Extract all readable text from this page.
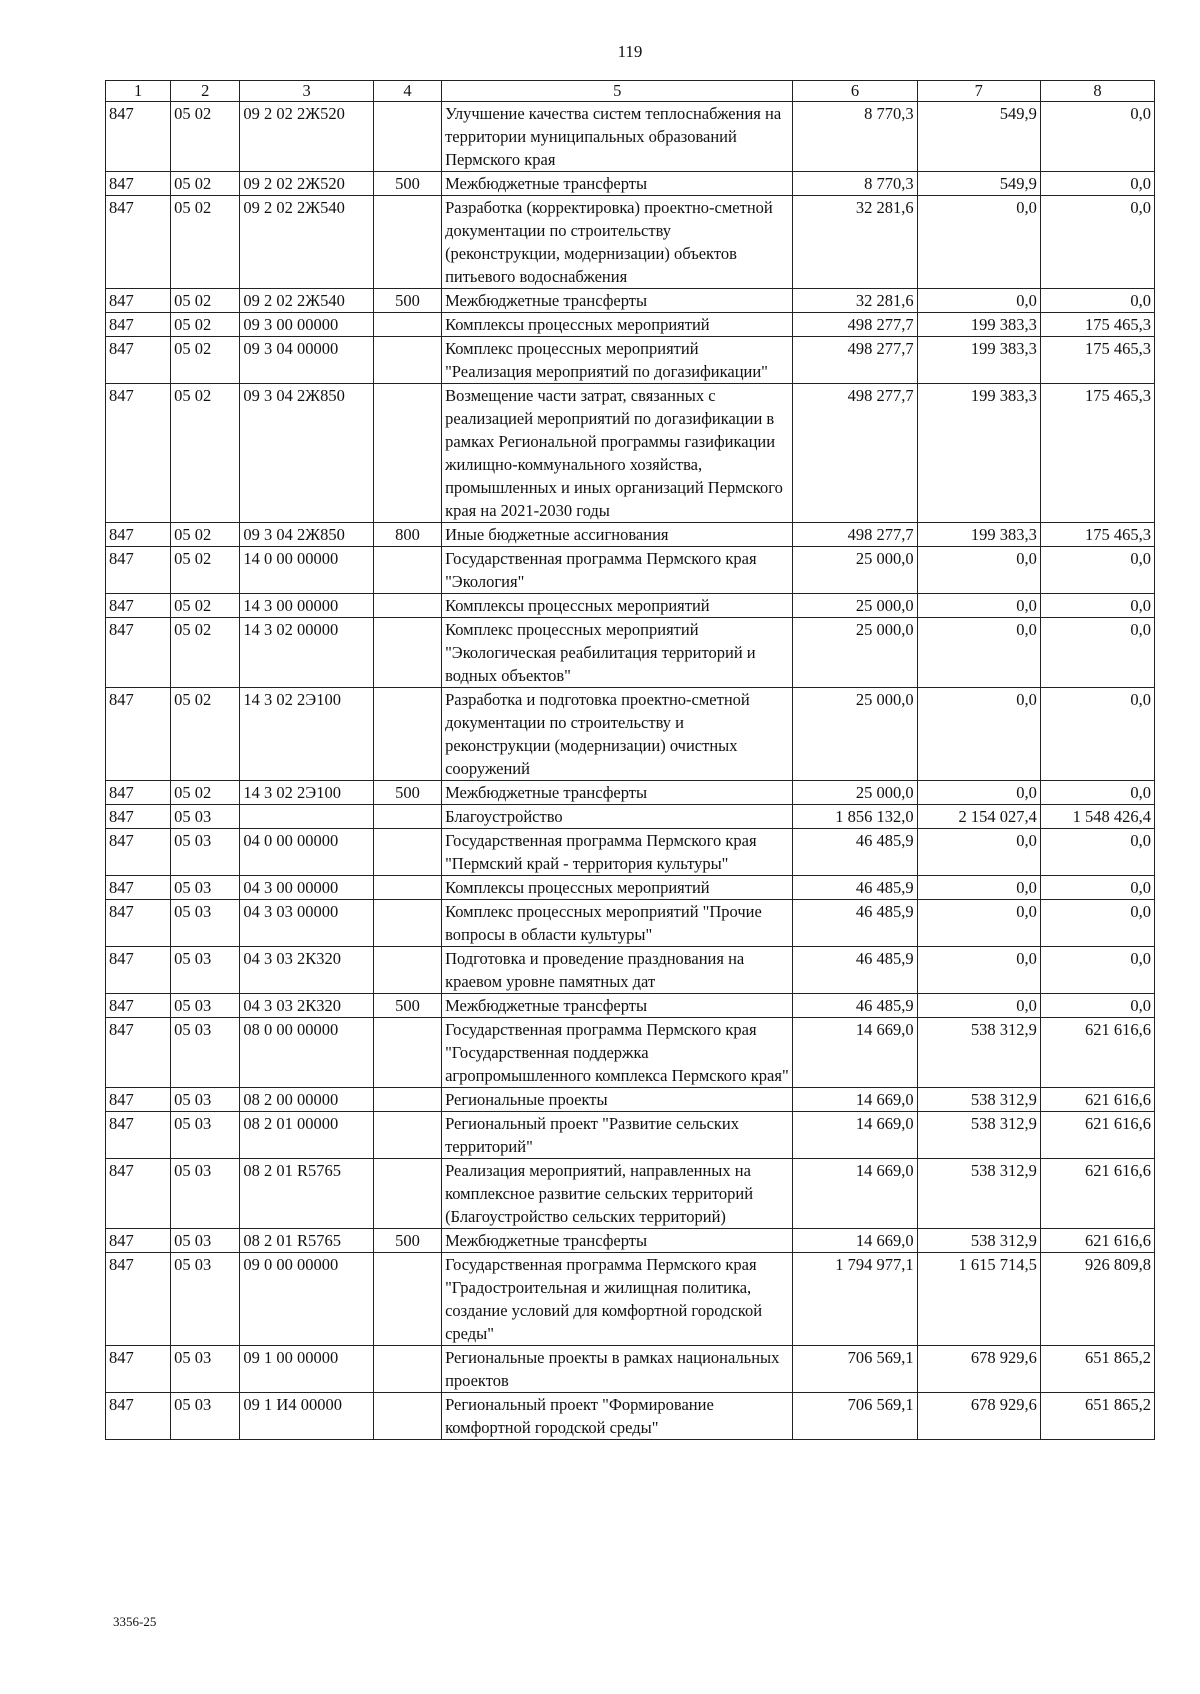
119
1	2	3	4	5	6	7	8
847	05 02	09 2 02 2Ж520		Улучшение качества систем теплоснабжения на территории муниципальных образований Пермского края	8 770,3	549,9	0,0
847	05 02	09 2 02 2Ж520	500	Межбюджетные трансферты	8 770,3	549,9	0,0
847	05 02	09 2 02 2Ж540		Разработка (корректировка) проектно-сметной документации по строительству (реконструкции, модернизации) объектов питьевого водоснабжения	32 281,6	0,0	0,0
847	05 02	09 2 02 2Ж540	500	Межбюджетные трансферты	32 281,6	0,0	0,0
847	05 02	09 3 00 00000		Комплексы процессных мероприятий	498 277,7	199 383,3	175 465,3
847	05 02	09 3 04 00000		Комплекс процессных мероприятий "Реализация мероприятий по догазификации"	498 277,7	199 383,3	175 465,3
847	05 02	09 3 04 2Ж850		Возмещение части затрат, связанных с реализацией мероприятий по догазификации в рамках Региональной программы газификации жилищно-коммунального хозяйства, промышленных и иных организаций Пермского края на 2021-2030 годы	498 277,7	199 383,3	175 465,3
847	05 02	09 3 04 2Ж850	800	Иные бюджетные ассигнования	498 277,7	199 383,3	175 465,3
847	05 02	14 0 00 00000		Государственная программа Пермского края "Экология"	25 000,0	0,0	0,0
847	05 02	14 3 00 00000		Комплексы процессных мероприятий	25 000,0	0,0	0,0
847	05 02	14 3 02 00000		Комплекс процессных мероприятий "Экологическая реабилитация территорий и водных объектов"	25 000,0	0,0	0,0
847	05 02	14 3 02 2Э100		Разработка и подготовка проектно-сметной документации по строительству и реконструкции (модернизации) очистных сооружений	25 000,0	0,0	0,0
847	05 02	14 3 02 2Э100	500	Межбюджетные трансферты	25 000,0	0,0	0,0
847	05 03			Благоустройство	1 856 132,0	2 154 027,4	1 548 426,4
847	05 03	04 0 00 00000		Государственная программа Пермского края "Пермский край - территория культуры"	46 485,9	0,0	0,0
847	05 03	04 3 00 00000		Комплексы процессных мероприятий	46 485,9	0,0	0,0
847	05 03	04 3 03 00000		Комплекс процессных мероприятий "Прочие вопросы в области культуры"	46 485,9	0,0	0,0
847	05 03	04 3 03 2К320		Подготовка и проведение празднования на краевом уровне памятных дат	46 485,9	0,0	0,0
847	05 03	04 3 03 2К320	500	Межбюджетные трансферты	46 485,9	0,0	0,0
847	05 03	08 0 00 00000		Государственная программа Пермского края "Государственная поддержка агропромышленного комплекса Пермского края"	14 669,0	538 312,9	621 616,6
847	05 03	08 2 00 00000		Региональные проекты	14 669,0	538 312,9	621 616,6
847	05 03	08 2 01 00000		Региональный проект "Развитие сельских территорий"	14 669,0	538 312,9	621 616,6
847	05 03	08 2 01 R5765		Реализация мероприятий, направленных на комплексное развитие сельских территорий (Благоустройство сельских территорий)	14 669,0	538 312,9	621 616,6
847	05 03	08 2 01 R5765	500	Межбюджетные трансферты	14 669,0	538 312,9	621 616,6
847	05 03	09 0 00 00000		Государственная программа Пермского края "Градостроительная и жилищная политика, создание условий для комфортной городской среды"	1 794 977,1	1 615 714,5	926 809,8
847	05 03	09 1 00 00000		Региональные проекты в рамках национальных проектов	706 569,1	678 929,6	651 865,2
847	05 03	09 1 И4 00000		Региональный проект "Формирование комфортной городской среды"	706 569,1	678 929,6	651 865,2
3356-25
